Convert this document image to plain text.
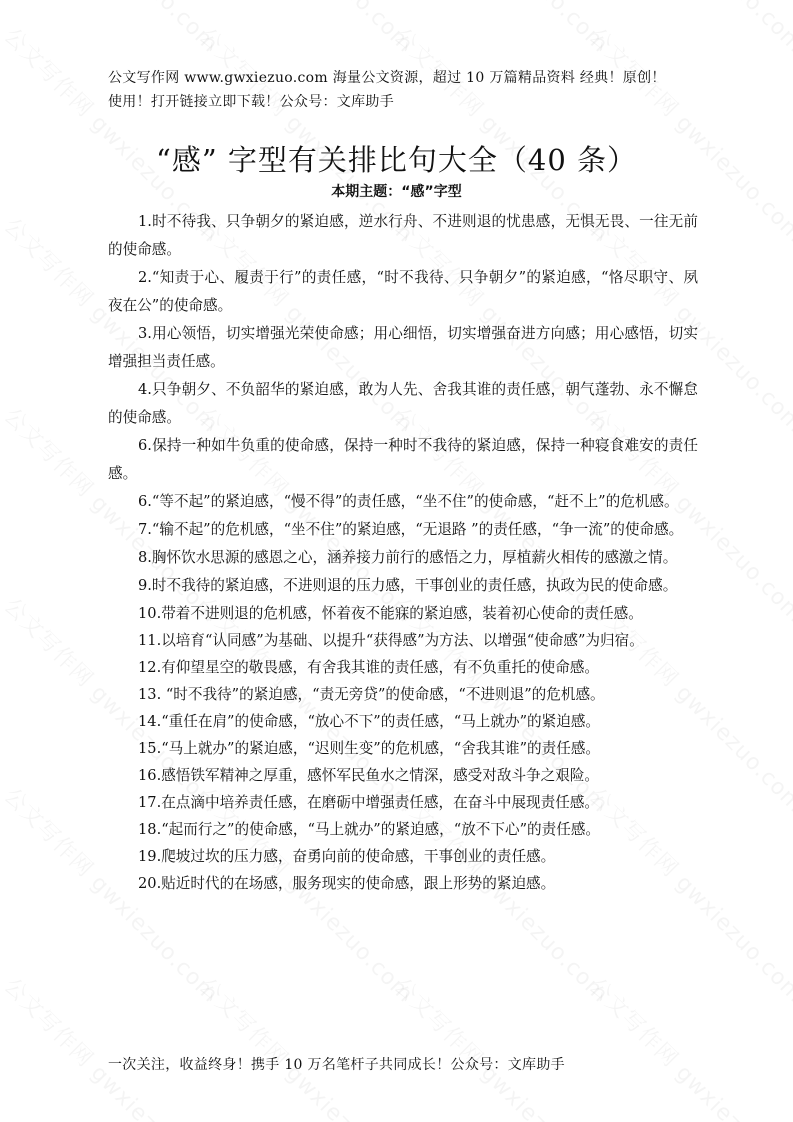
公文写作网 www.gwxiezuo.com 海量公文资源，超过 10 万篇精品资料 经典！原创！
使用！打开链接立即下载！公众号：文库助手
“感” 字型有关排比句大全（40 条）
本期主题：“感”字型

1.时不待我、只争朝夕的紧迫感，逆水行舟、不进则退的忧患感，无惧无畏、一往无前的使命感。

2.“知责于心、履责于行”的责任感，“时不我待、只争朝夕”的紧迫感，“恪尽职守、夙夜在公”的使命感。

3.用心领悟，切实增强光荣使命感；用心细悟，切实增强奋进方向感；用心感悟，切实增强担当责任感。

4.只争朝夕、不负韶华的紧迫感，敢为人先、舍我其谁的责任感，朝气蓬勃、永不懈怠的使命感。

6.保持一种如牛负重的使命感，保持一种时不我待的紧迫感，保持一种寝食难安的责任感。

6.“等不起”的紧迫感，“慢不得”的责任感，“坐不住”的使命感，“赶不上”的危机感。

7.“输不起”的危机感，“坐不住”的紧迫感，“无退路 ”的责任感，“争一流”的使命感。

8.胸怀饮水思源的感恩之心，涵养接力前行的感悟之力，厚植薪火相传的感激之情。

9.时不我待的紧迫感，不进则退的压力感，干事创业的责任感，执政为民的使命感。

10.带着不进则退的危机感，怀着夜不能寐的紧迫感，装着初心使命的责任感。

11.以培育“认同感”为基础、以提升“获得感”为方法、以增强“使命感”为归宿。

12.有仰望星空的敬畏感，有舍我其谁的责任感，有不负重托的使命感。

13. “时不我待”的紧迫感，“责无旁贷”的使命感，“不进则退”的危机感。

14.“重任在肩”的使命感，“放心不下”的责任感，“马上就办”的紧迫感。

15.“马上就办”的紧迫感，“迟则生变”的危机感，“舍我其谁”的责任感。

16.感悟铁军精神之厚重，感怀军民鱼水之情深，感受对敌斗争之艰险。

17.在点滴中培养责任感，在磨砺中增强责任感，在奋斗中展现责任感。

18.“起而行之”的使命感，“马上就办”的紧迫感，“放不下心”的责任感。

19.爬坡过坎的压力感，奋勇向前的使命感，干事创业的责任感。

20.贴近时代的在场感，服务现实的使命感，跟上形势的紧迫感。

一次关注，收益终身！携手 10 万名笔杆子共同成长！公众号：文库助手
